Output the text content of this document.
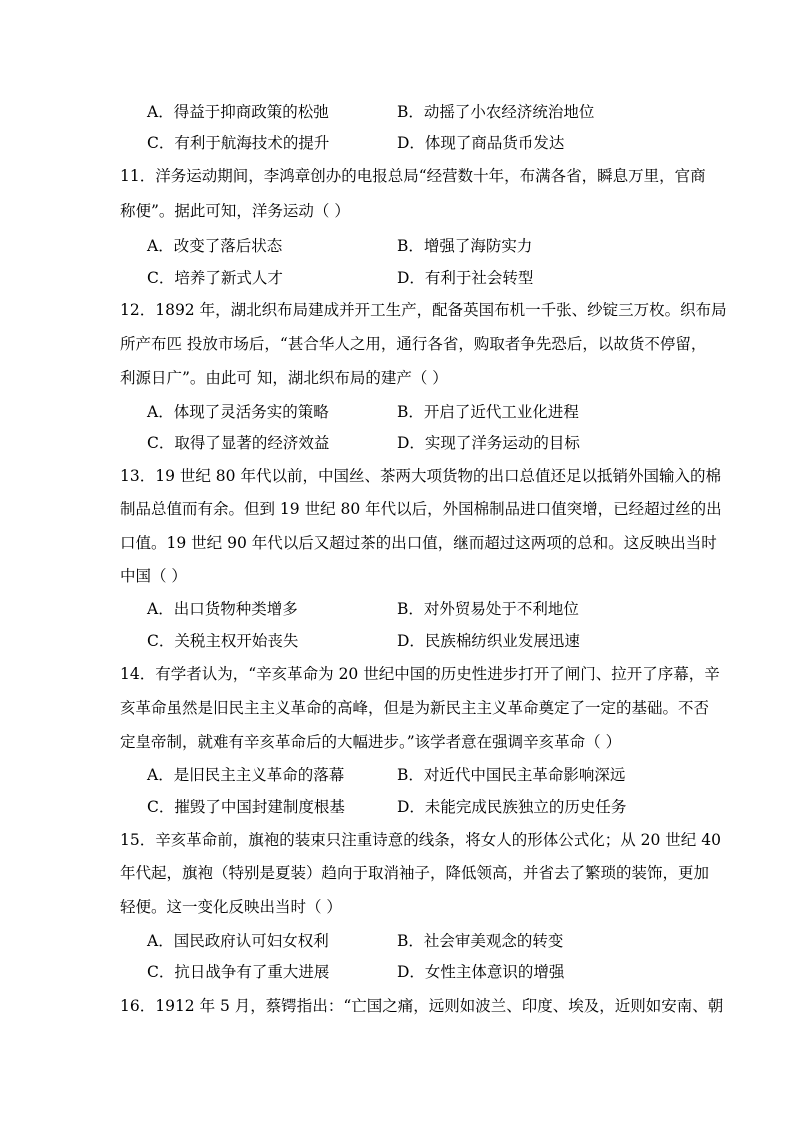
A．得益于抑商政策的松弛	B．动摇了小农经济统治地位
C．有利于航海技术的提升	D．体现了商品货币发达
11．洋务运动期间，李鸿章创办的电报总局“经营数十年，布满各省，瞬息万里，官商
称便”。据此可知，洋务运动（ ）
A．改变了落后状态	B．增强了海防实力
C．培养了新式人才	D．有利于社会转型
12．1892 年，湖北织布局建成并开工生产，配备英国布机一千张、纱锭三万枚。织布局
所产布匹 投放市场后，“甚合华人之用，通行各省，购取者争先恐后，以故货不停留，
利源日广”。由此可 知，湖北织布局的建产（ ）
A．体现了灵活务实的策略	B．开启了近代工业化进程
C．取得了显著的经济效益	D．实现了洋务运动的目标
13．19 世纪 80 年代以前，中国丝、茶两大项货物的出口总值还足以抵销外国输入的棉
制品总值而有余。但到 19 世纪 80 年代以后，外国棉制品进口值突增，已经超过丝的出
口值。19 世纪 90 年代以后又超过茶的出口值，继而超过这两项的总和。这反映出当时
中国（ ）
A．出口货物种类增多	B．对外贸易处于不利地位
C．关税主权开始丧失	D．民族棉纺织业发展迅速
14．有学者认为，“辛亥革命为 20 世纪中国的历史性进步打开了闸门、拉开了序幕，辛
亥革命虽然是旧民主主义革命的高峰，但是为新民主主义革命奠定了一定的基础。不否
定皇帝制，就难有辛亥革命后的大幅进步。”该学者意在强调辛亥革命（ ）
A．是旧民主主义革命的落幕	B．对近代中国民主革命影响深远
C．摧毁了中国封建制度根基	D．未能完成民族独立的历史任务
15．辛亥革命前，旗袍的装束只注重诗意的线条，将女人的形体公式化；从 20 世纪 40
年代起，旗袍（特别是夏装）趋向于取消袖子，降低领高，并省去了繁琐的装饰，更加
轻便。这一变化反映出当时（ ）
A．国民政府认可妇女权利	B．社会审美观念的转变
C．抗日战争有了重大进展	D．女性主体意识的增强
16．1912 年 5 月，蔡锷指出：“亡国之痛，远则如波兰、印度、埃及，近则如安南、朝
